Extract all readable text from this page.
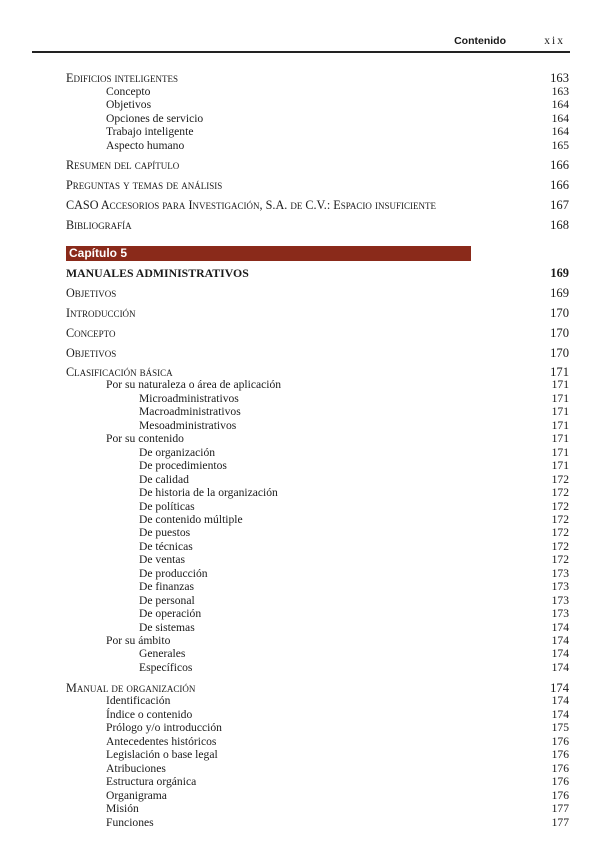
Contenido	xix
Edificios inteligentes	163
Concepto	163
Objetivos	164
Opciones de servicio	164
Trabajo inteligente	164
Aspecto humano	165
Resumen del capítulo	166
Preguntas y temas de análisis	166
CASO Accesorios para Investigación, S.A. de C.V.: Espacio insuficiente	167
Bibliografía	168
Capítulo 5
MANUALES ADMINISTRATIVOS	169
Objetivos	169
Introducción	170
Concepto	170
Objetivos	170
Clasificación básica	171
Por su naturaleza o área de aplicación	171
Microadministrativos	171
Macroadministrativos	171
Mesoadministrativos	171
Por su contenido	171
De organización	171
De procedimientos	171
De calidad	172
De historia de la organización	172
De políticas	172
De contenido múltiple	172
De puestos	172
De técnicas	172
De ventas	172
De producción	173
De finanzas	173
De personal	173
De operación	173
De sistemas	174
Por su ámbito	174
Generales	174
Específicos	174
Manual de organización	174
Identificación	174
Índice o contenido	174
Prólogo y/o introducción	175
Antecedentes históricos	176
Legislación o base legal	176
Atribuciones	176
Estructura orgánica	176
Organigrama	176
Misión	177
Funciones	177
